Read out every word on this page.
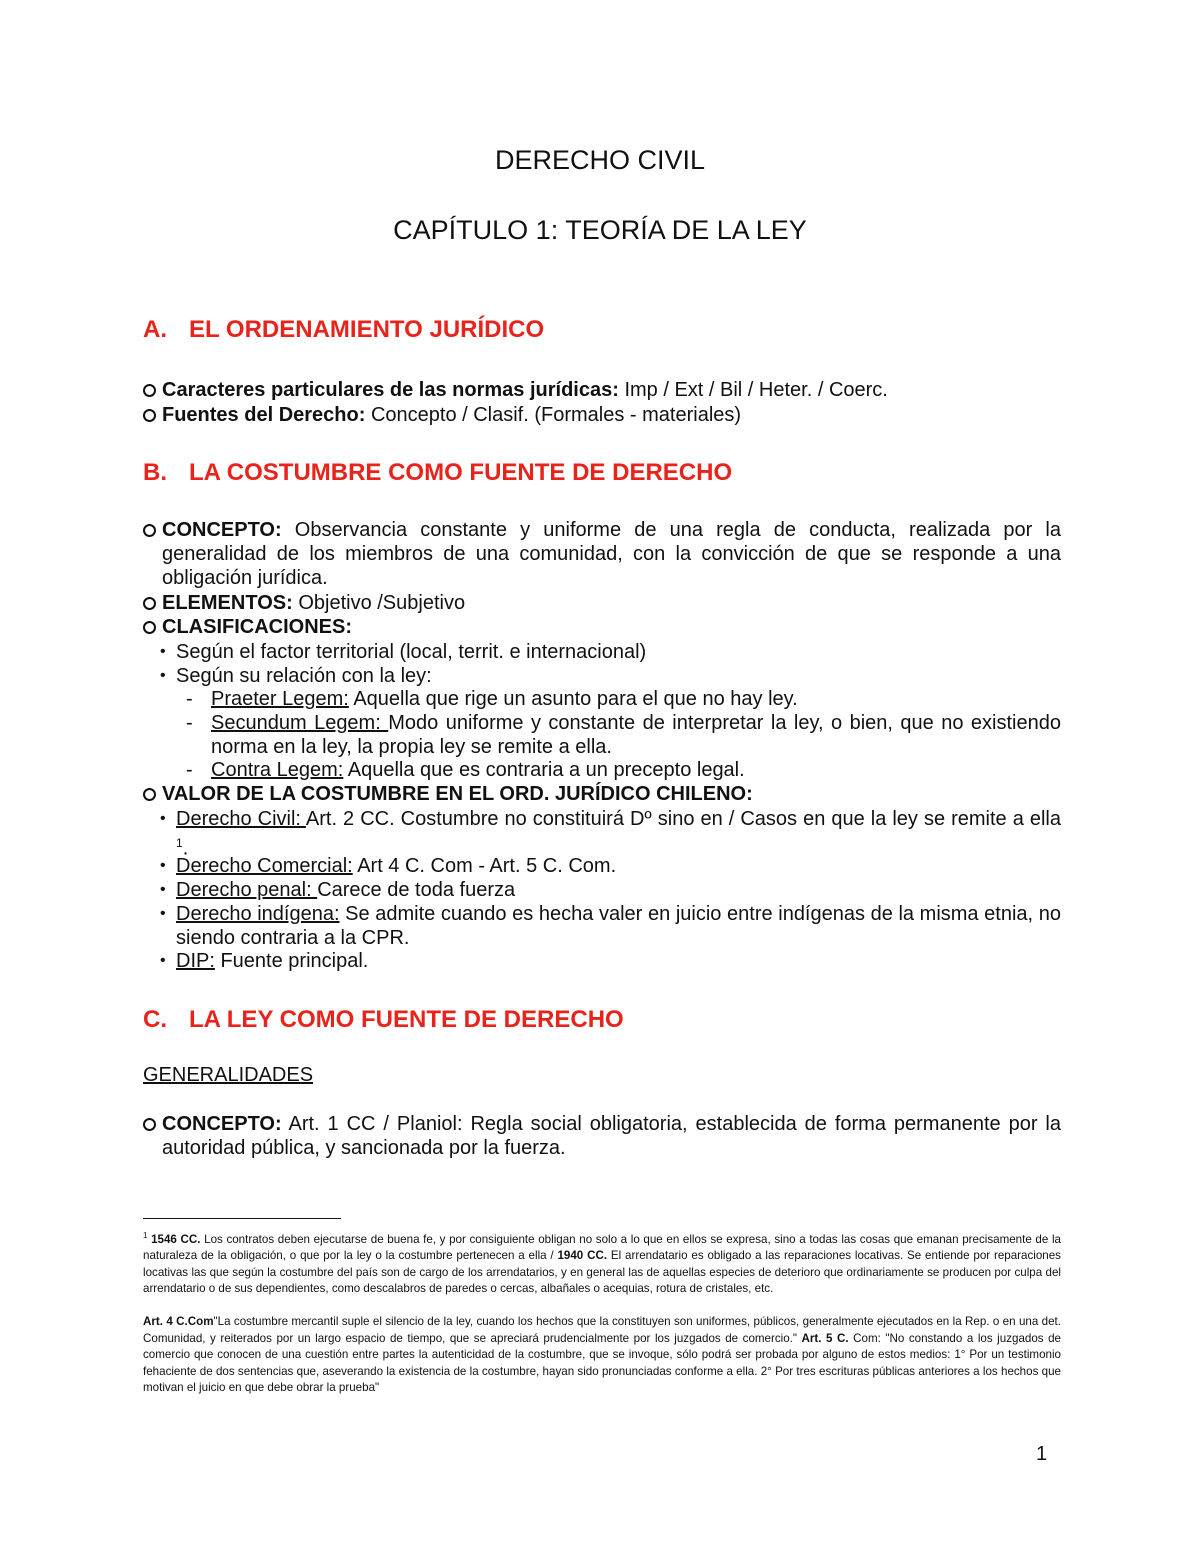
DERECHO CIVIL
CAPÍTULO 1: TEORÍA DE LA LEY
A. EL ORDENAMIENTO JURÍDICO
Caracteres particulares de las normas jurídicas: Imp / Ext / Bil / Heter. / Coerc.
Fuentes del Derecho: Concepto / Clasif. (Formales - materiales)
B. LA COSTUMBRE COMO FUENTE DE DERECHO
CONCEPTO: Observancia constante y uniforme de una regla de conducta, realizada por la generalidad de los miembros de una comunidad, con la convicción de que se responde a una obligación jurídica.
ELEMENTOS: Objetivo /Subjetivo
CLASIFICACIONES:
• Según el factor territorial (local, territ. e internacional)
• Según su relación con la ley:
- Praeter Legem: Aquella que rige un asunto para el que no hay ley.
- Secundum Legem: Modo uniforme y constante de interpretar la ley, o bien, que no existiendo norma en la ley, la propia ley se remite a ella.
- Contra Legem: Aquella que es contraria a un precepto legal.
VALOR DE LA COSTUMBRE EN EL ORD. JURÍDICO CHILENO:
• Derecho Civil: Art. 2 CC. Costumbre no constituirá Dº sino en / Casos en que la ley se remite a ella $^1$.
• Derecho Comercial: Art 4 C. Com - Art. 5 C. Com.
• Derecho penal: Carece de toda fuerza
• Derecho indígena: Se admite cuando es hecha valer en juicio entre indígenas de la misma etnia, no siendo contraria a la CPR.
• DIP: Fuente principal.
C. LA LEY COMO FUENTE DE DERECHO
GENERALIDADES
CONCEPTO: Art. 1 CC / Planiol: Regla social obligatoria, establecida de forma permanente por la autoridad pública, y sancionada por la fuerza.
$^1$ 1546 CC. Los contratos deben ejecutarse de buena fe, y por consiguiente obligan no solo a lo que en ellos se expresa, sino a todas las cosas que emanan precisamente de la naturaleza de la obligación, o que por la ley o la costumbre pertenecen a ella / 1940 CC. El arrendatario es obligado a las reparaciones locativas. Se entiende por reparaciones locativas las que según la costumbre del país son de cargo de los arrendatarios, y en general las de aquellas especies de deterioro que ordinariamente se producen por culpa del arrendatario o de sus dependientes, como descalabros de paredes o cercas, albañales o acequias, rotura de cristales, etc.
Art. 4 C.Com"La costumbre mercantil suple el silencio de la ley, cuando los hechos que la constituyen son uniformes, públicos, generalmente ejecutados en la Rep. o en una det. Comunidad, y reiterados por un largo espacio de tiempo, que se apreciará prudencialmente por los juzgados de comercio." Art. 5 C. Com: "No constando a los juzgados de comercio que conocen de una cuestión entre partes la autenticidad de la costumbre, que se invoque, sólo podrá ser probada por alguno de estos medios: 1° Por un testimonio fehaciente de dos sentencias que, aseverando la existencia de la costumbre, hayan sido pronunciadas conforme a ella. 2° Por tres escrituras públicas anteriores a los hechos que motivan el juicio en que debe obrar la prueba"
1
